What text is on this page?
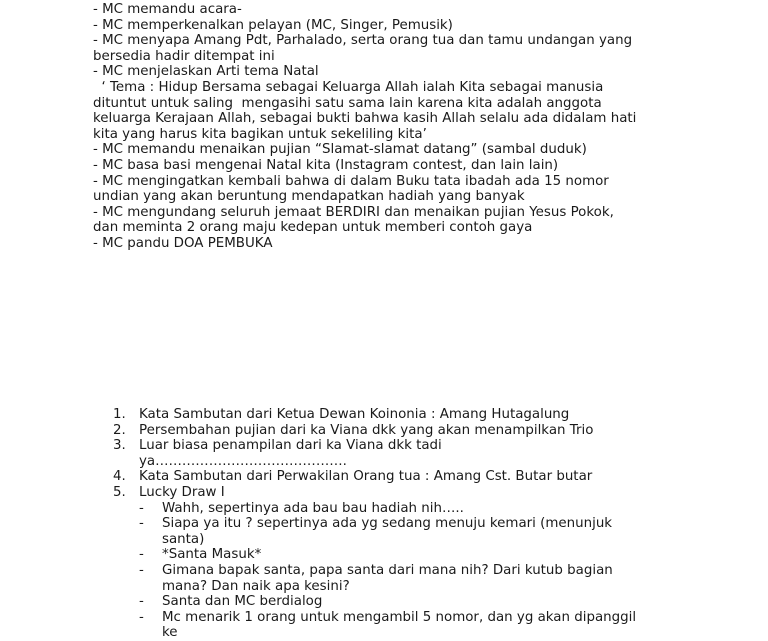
- MC memandu acara-
- MC memperkenalkan pelayan (MC, Singer, Pemusik)
- MC menyapa Amang Pdt, Parhalado, serta orang tua dan tamu undangan yang
bersedia hadir ditempat ini
- MC menjelaskan Arti tema Natal
‘ Tema : Hidup Bersama sebagai Keluarga Allah ialah Kita sebagai manusia
dituntut untuk saling  mengasihi satu sama lain karena kita adalah anggota
keluarga Kerajaan Allah, sebagai bukti bahwa kasih Allah selalu ada didalam hati
kita yang harus kita bagikan untuk sekeliling kita’
- MC memandu menaikan pujian “Slamat-slamat datang” (sambal duduk)
- MC basa basi mengenai Natal kita (Instagram contest, dan lain lain)
- MC mengingatkan kembali bahwa di dalam Buku tata ibadah ada 15 nomor
undian yang akan beruntung mendapatkan hadiah yang banyak
- MC mengundang seluruh jemaat BERDIRI dan menaikan pujian Yesus Pokok,
dan meminta 2 orang maju kedepan untuk memberi contoh gaya
- MC pandu DOA PEMBUKA
1. Kata Sambutan dari Ketua Dewan Koinonia : Amang Hutagalung
2. Persembahan pujian dari ka Viana dkk yang akan menampilkan Trio
3. Luar biasa penampilan dari ka Viana dkk tadi
ya…………………………………….
4. Kata Sambutan dari Perwakilan Orang tua : Amang Cst. Butar butar
5. Lucky Draw I
-	Wahh, sepertinya ada bau bau hadiah nih…..
-	Siapa ya itu ? sepertinya ada yg sedang menuju kemari (menunjuk
santa)
-	*Santa Masuk*
-	Gimana bapak santa, papa santa dari mana nih? Dari kutub bagian
mana? Dan naik apa kesini?
-	Santa dan MC berdialog
-	Mc menarik 1 orang untuk mengambil 5 nomor, dan yg akan dipanggil
ke
